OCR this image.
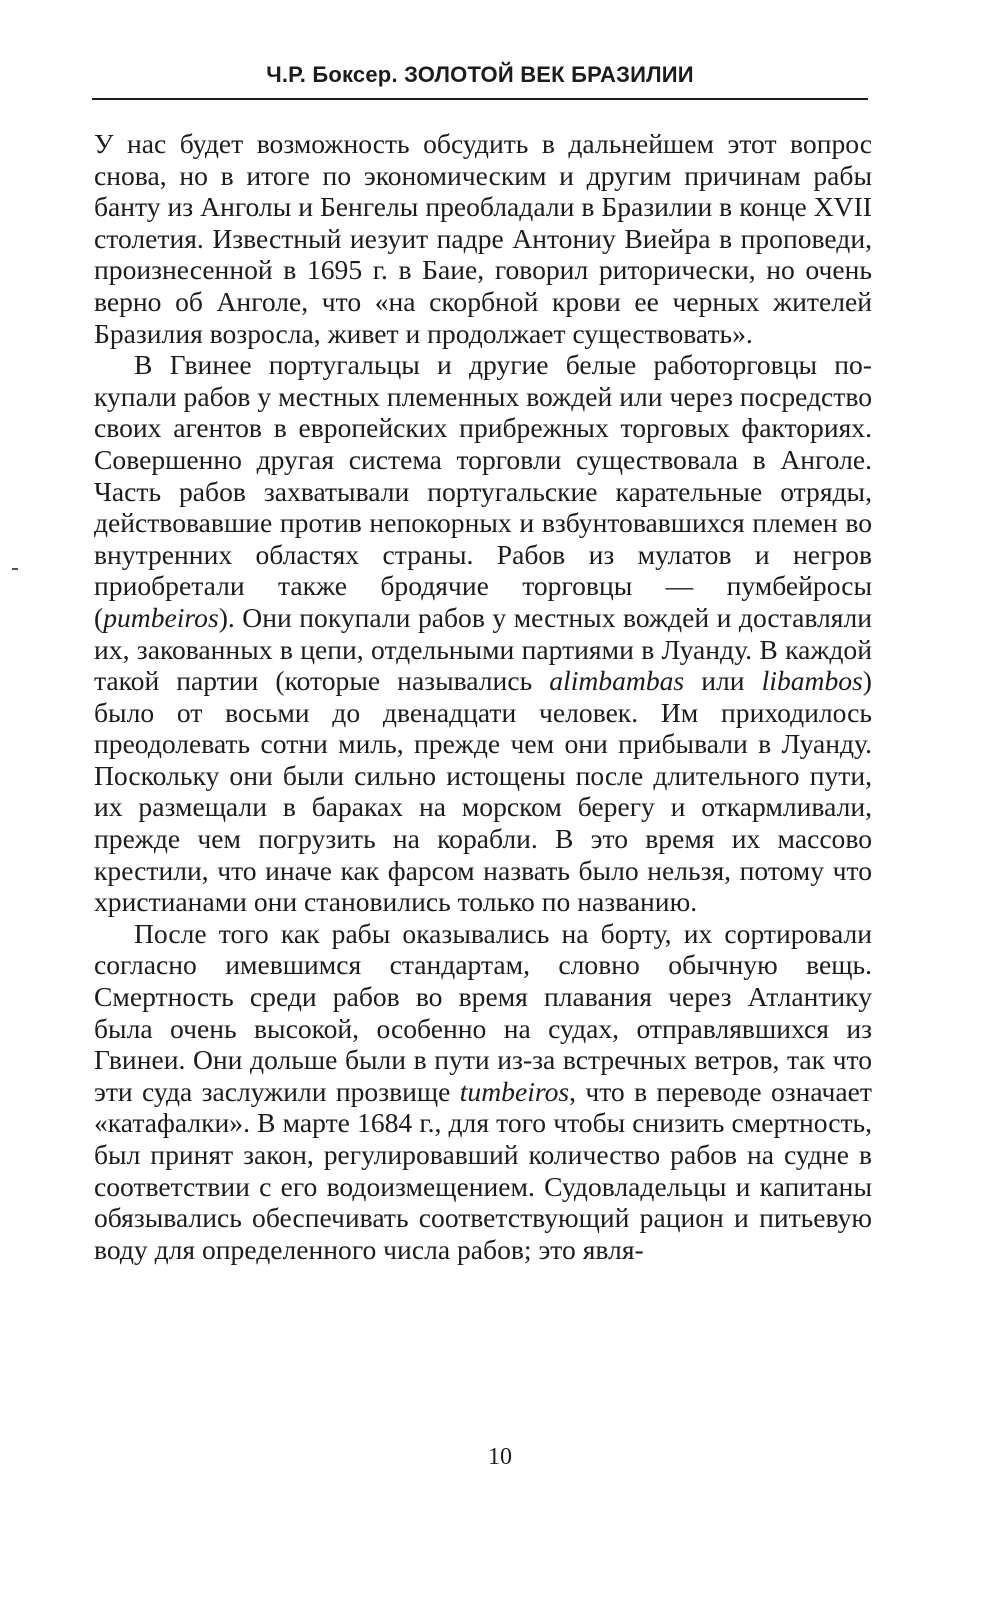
Ч.Р. Боксер. ЗОЛОТОЙ ВЕК БРАЗИЛИИ

У нас будет возможность обсудить в дальнейшем этот вопрос снова, но в итоге по экономическим и другим причинам рабы банту из Анголы и Бенгелы преобладали в Бразилии в конце XVII столетия. Известный иезуит падре Антониу Виейра в проповеди, произнесенной в 1695 г. в Баие, говорил риторически, но очень верно об Анголе, что «на скорбной крови ее черных жителей Бразилия возросла, живет и продолжает существовать».

В Гвинее португальцы и другие белые работорговцы покупали рабов у местных племенных вождей или через посредство своих агентов в европейских прибрежных торговых факториях. Совершенно другая система торговли существовала в Анголе. Часть рабов захватывали португальские карательные отряды, действовавшие против непокорных и взбунтовавшихся племен во внутренних областях страны. Рабов из мулатов и негров приобретали также бродячие торговцы — пумбейросы (pumbeiros). Они покупали рабов у местных вождей и доставляли их, закованных в цепи, отдельными партиями в Луанду. В каждой такой партии (которые назывались alimbambas или libambos) было от восьми до двенадцати человек. Им приходилось преодолевать сотни миль, прежде чем они прибывали в Луанду. Поскольку они были сильно истощены после длительного пути, их размещали в бараках на морском берегу и откармливали, прежде чем погрузить на корабли. В это время их массово крестили, что иначе как фарсом назвать было нельзя, потому что христианами они становились только по названию.

После того как рабы оказывались на борту, их сортировали согласно имевшимся стандартам, словно обычную вещь. Смертность среди рабов во время плавания через Атлантику была очень высокой, особенно на судах, отправлявшихся из Гвинеи. Они дольше были в пути из-за встречных ветров, так что эти суда заслужили прозвище tumbeiros, что в переводе означает «катафалки». В марте 1684 г., для того чтобы снизить смертность, был принят закон, регулировавший количество рабов на судне в соответствии с его водоизмещением. Судовладельцы и капитаны обязывались обеспечивать соответствующий рацион и питьевую воду для определенного числа рабов; это явля-

10
